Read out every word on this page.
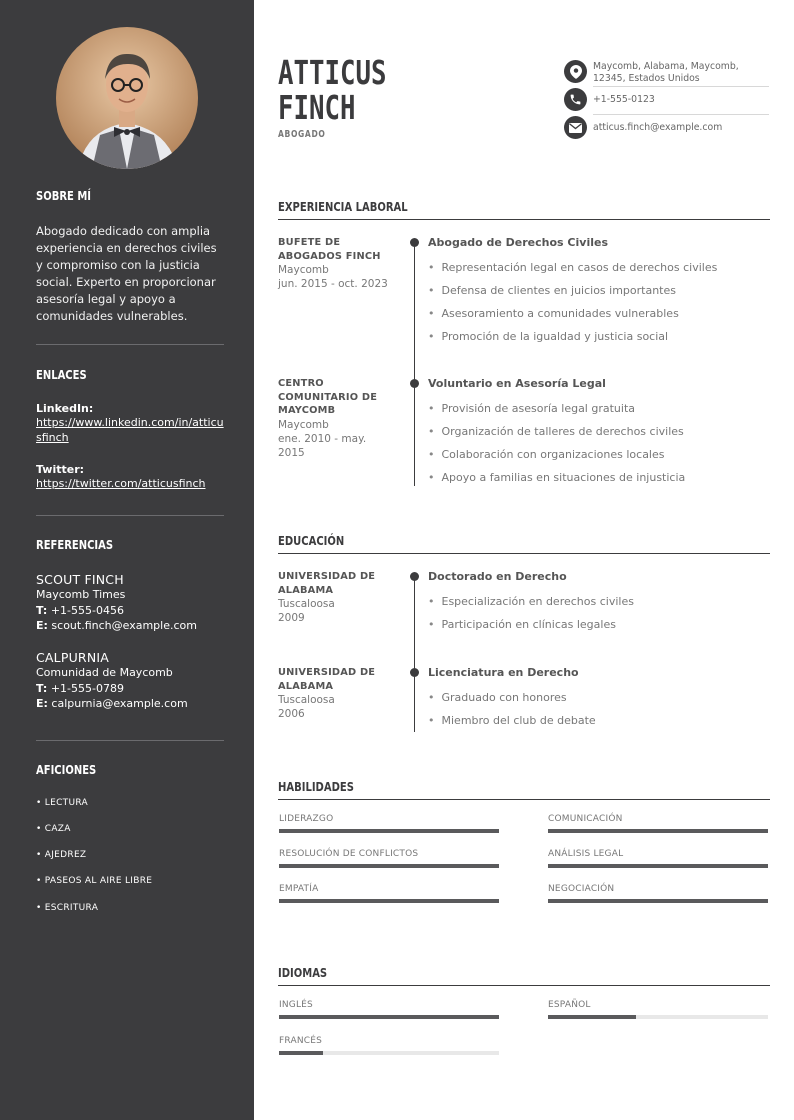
SOBRE MÍ
Abogado dedicado con amplia experiencia en derechos civiles y compromiso con la justicia social. Experto en proporcionar asesoría legal y apoyo a comunidades vulnerables.
ENLACES
LinkedIn:
https://www.linkedin.com/in/atticusfinch
Twitter:
https://twitter.com/atticusfinch
REFERENCIAS
SCOUT FINCH
Maycomb Times
T: +1-555-0456
E: scout.finch@example.com
CALPURNIA
Comunidad de Maycomb
T: +1-555-0789
E: calpurnia@example.com
AFICIONES
• LECTURA
• CAZA
• AJEDREZ
• PASEOS AL AIRE LIBRE
• ESCRITURA
ATTICUS
FINCH
ABOGADO
Maycomb, Alabama, Maycomb, 12345, Estados Unidos
+1-555-0123
atticus.finch@example.com
EXPERIENCIA LABORAL
BUFETE DE ABOGADOS FINCH
Maycomb
jun. 2015 - oct. 2023
Abogado de Derechos Civiles
• Representación legal en casos de derechos civiles
• Defensa de clientes en juicios importantes
• Asesoramiento a comunidades vulnerables
• Promoción de la igualdad y justicia social
CENTRO COMUNITARIO DE MAYCOMB
Maycomb
ene. 2010 - may. 2015
Voluntario en Asesoría Legal
• Provisión de asesoría legal gratuita
• Organización de talleres de derechos civiles
• Colaboración con organizaciones locales
• Apoyo a familias en situaciones de injusticia
EDUCACIÓN
UNIVERSIDAD DE ALABAMA
Tuscaloosa
2009
Doctorado en Derecho
• Especialización en derechos civiles
• Participación en clínicas legales
UNIVERSIDAD DE ALABAMA
Tuscaloosa
2006
Licenciatura en Derecho
• Graduado con honores
• Miembro del club de debate
HABILIDADES
LIDERAZGO	COMUNICACIÓN
RESOLUCIÓN DE CONFLICTOS	ANÁLISIS LEGAL
EMPATÍA	NEGOCIACIÓN
IDIOMAS
INGLÉS	ESPAÑOL
FRANCÉS
